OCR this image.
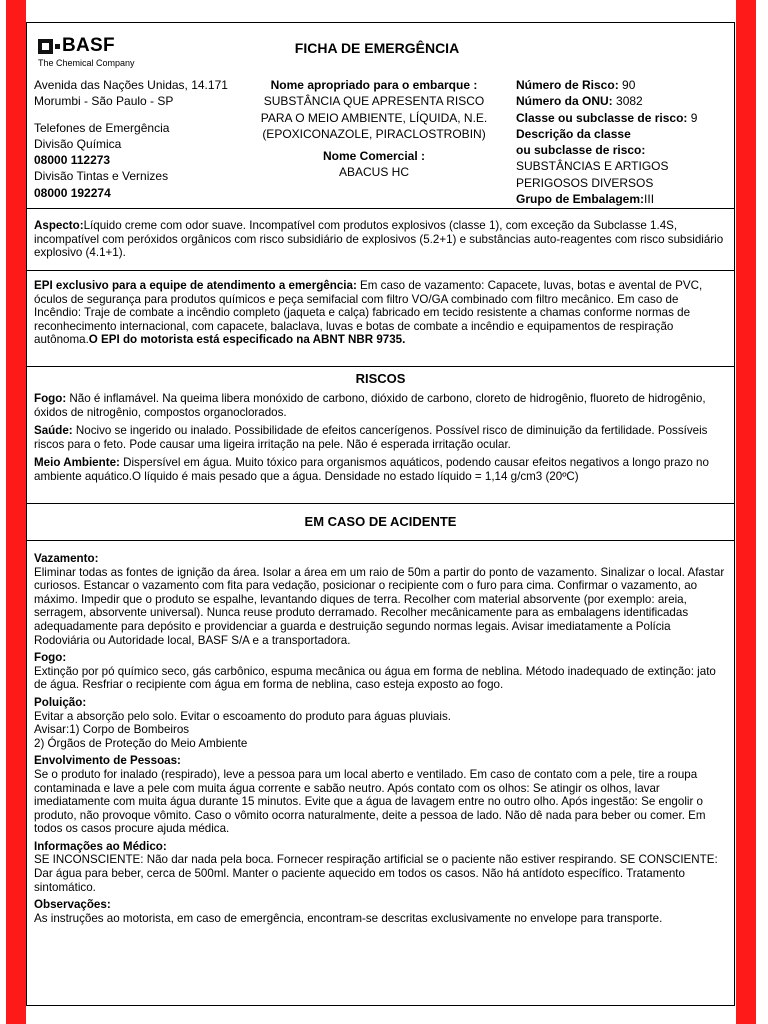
BASF
The Chemical Company
FICHA DE EMERGÊNCIA
Avenida das Nações Unidas, 14.171
Morumbi - São Paulo - SP
Telefones de Emergência
Divisão Química
08000 112273
Divisão Tintas e Vernizes
08000 192274
Nome apropriado para o embarque :
SUBSTÂNCIA QUE APRESENTA RISCO
PARA O MEIO AMBIENTE, LÍQUIDA, N.E.
(EPOXICONAZOLE, PIRACLOSTROBIN)
Nome Comercial :
ABACUS HC
Número de Risco: 90
Número da ONU: 3082
Classe ou subclasse de risco: 9
Descrição da classe
ou subclasse de risco:
SUBSTÂNCIAS E ARTIGOS
PERIGOSOS DIVERSOS
Grupo de Embalagem:III
Aspecto:Líquido creme com odor suave. Incompatível com produtos explosivos (classe 1), com exceção da Subclasse 1.4S, incompatível com peróxidos orgânicos com risco subsidiário de explosivos (5.2+1) e substâncias auto-reagentes com risco subsidiário explosivo (4.1+1).
EPI exclusivo para a equipe de atendimento a emergência: Em caso de vazamento: Capacete, luvas, botas e avental de PVC, óculos de segurança para produtos químicos e peça semifacial com filtro VO/GA combinado com filtro mecânico. Em caso de Incêndio: Traje de combate a incêndio completo (jaqueta e calça) fabricado em tecido resistente a chamas conforme normas de reconhecimento internacional, com capacete, balaclava, luvas e botas de combate a incêndio e equipamentos de respiração autônoma.O EPI do motorista está especificado na ABNT NBR 9735.
RISCOS
Fogo: Não é inflamável. Na queima libera monóxido de carbono, dióxido de carbono, cloreto de hidrogênio, fluoreto de hidrogênio, óxidos de nitrogênio, compostos organoclorados.
Saúde: Nocivo se ingerido ou inalado. Possibilidade de efeitos cancerígenos. Possível risco de diminuição da fertilidade. Possíveis riscos para o feto. Pode causar uma ligeira irritação na pele. Não é esperada irritação ocular.
Meio Ambiente: Dispersível em água. Muito tóxico para organismos aquáticos, podendo causar efeitos negativos a longo prazo no ambiente aquático.O líquido é mais pesado que a água. Densidade no estado líquido = 1,14 g/cm3 (20ºC)
EM CASO DE ACIDENTE
Vazamento:
Eliminar todas as fontes de ignição da área. Isolar a área em um raio de 50m a partir do ponto de vazamento. Sinalizar o local. Afastar curiosos. Estancar o vazamento com fita para vedação, posicionar o recipiente com o furo para cima. Confirmar o vazamento, ao máximo. Impedir que o produto se espalhe, levantando diques de terra. Recolher com material absorvente (por exemplo: areia, serragem, absorvente universal). Nunca reuse produto derramado. Recolher mecânicamente para as embalagens identificadas adequadamente para depósito e providenciar a guarda e destruição segundo normas legais. Avisar imediatamente a Polícia Rodoviária ou Autoridade local, BASF S/A e a transportadora.
Fogo:
Extinção por pó químico seco, gás carbônico, espuma mecânica ou água em forma de neblina. Método inadequado de extinção: jato de água. Resfriar o recipiente com água em forma de neblina, caso esteja exposto ao fogo.
Poluição:
Evitar a absorção pelo solo. Evitar o escoamento do produto para águas pluviais.
Avisar:1) Corpo de Bombeiros
2) Órgãos de Proteção do Meio Ambiente
Envolvimento de Pessoas:
Se o produto for inalado (respirado), leve a pessoa para um local aberto e ventilado. Em caso de contato com a pele, tire a roupa contaminada e lave a pele com muita água corrente e sabão neutro. Após contato com os olhos: Se atingir os olhos, lavar imediatamente com muita água durante 15 minutos. Evite que a água de lavagem entre no outro olho. Após ingestão: Se engolir o produto, não provoque vômito. Caso o vômito ocorra naturalmente, deite a pessoa de lado. Não dê nada para beber ou comer. Em todos os casos procure ajuda médica.
Informações ao Médico:
SE INCONSCIENTE: Não dar nada pela boca. Fornecer respiração artificial se o paciente não estiver respirando. SE CONSCIENTE: Dar água para beber, cerca de 500ml. Manter o paciente aquecido em todos os casos. Não há antídoto específico. Tratamento sintomático.
Observações:
As instruções ao motorista, em caso de emergência, encontram-se descritas exclusivamente no envelope para transporte.
